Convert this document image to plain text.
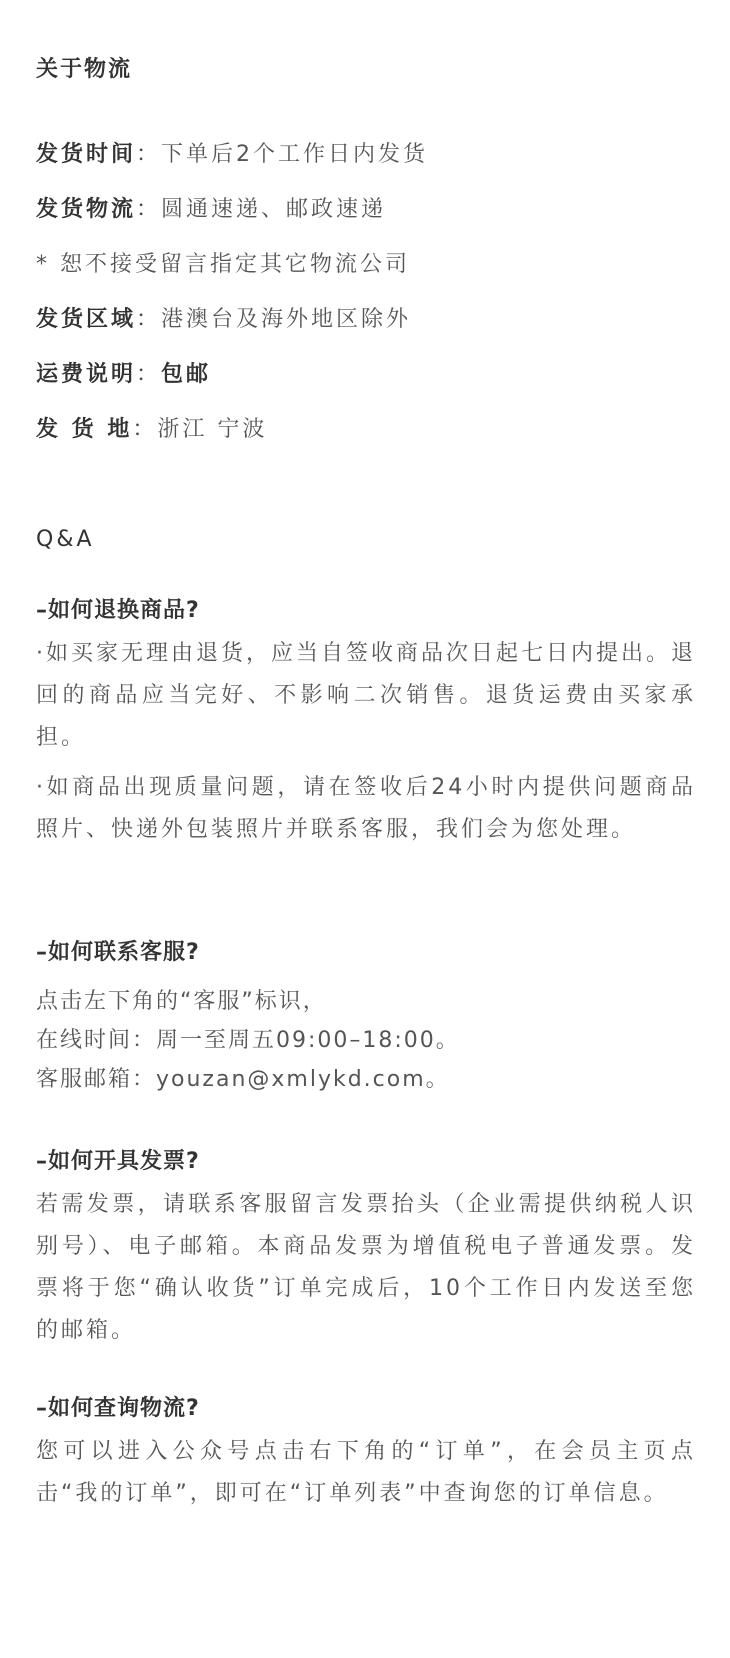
关于物流
发货时间：下单后2个工作日内发货
发货物流：圆通速递、邮政速递
* 恕不接受留言指定其它物流公司
发货区域：港澳台及海外地区除外
运费说明：包邮
发 货 地：浙江 宁波
Q&A
–如何退换商品?
·如买家无理由退货，应当自签收商品次日起七日内提出。退回的商品应当完好、不影响二次销售。退货运费由买家承担。
·如商品出现质量问题，请在签收后24小时内提供问题商品照片、快递外包装照片并联系客服，我们会为您处理。
–如何联系客服?
点击左下角的“客服”标识，
在线时间：周一至周五09:00–18:00。
客服邮箱：youzan@xmlykd.com。
–如何开具发票?
若需发票，请联系客服留言发票抬头（企业需提供纳税人识别号）、电子邮箱。本商品发票为增值税电子普通发票。发票将于您“确认收货”订单完成后，10个工作日内发送至您的邮箱。
–如何查询物流?
您可以进入公众号点击右下角的“订单”，在会员主页点击“我的订单”，即可在“订单列表”中查询您的订单信息。
